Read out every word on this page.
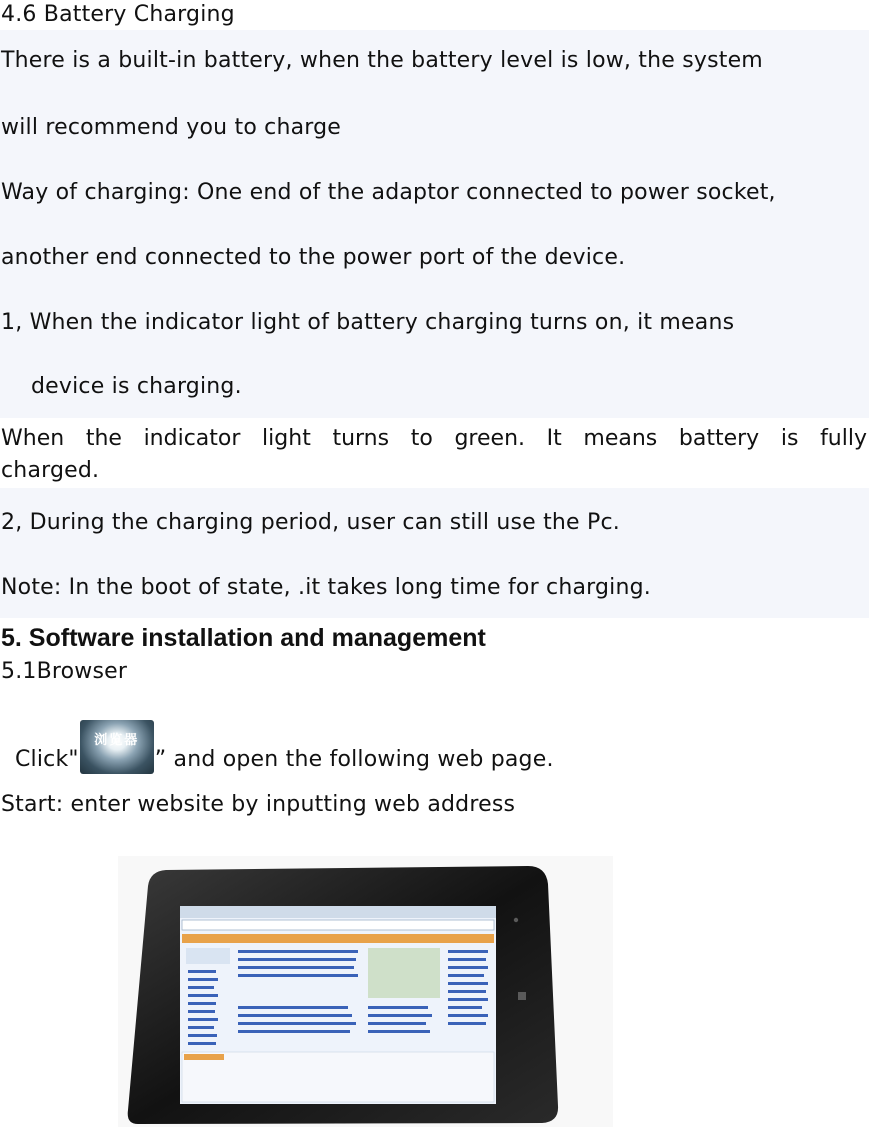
4.6 Battery Charging
There is a built-in battery, when the battery level is low, the system
will recommend you to charge
Way of charging: One end of the adaptor connected to power socket,
another end connected to the power port of the device.
1, When the indicator light of battery charging turns on, it means
device is charging.
When the indicator light turns to green. It means battery is fully
charged.
2, During the charging period, user can still use the Pc.
Note: In the boot of state, .it takes long time for charging.
5. Software installation and management
5.1Browser
Click"
浏览器
” and open the following web page.
Start: enter website by inputting web address
